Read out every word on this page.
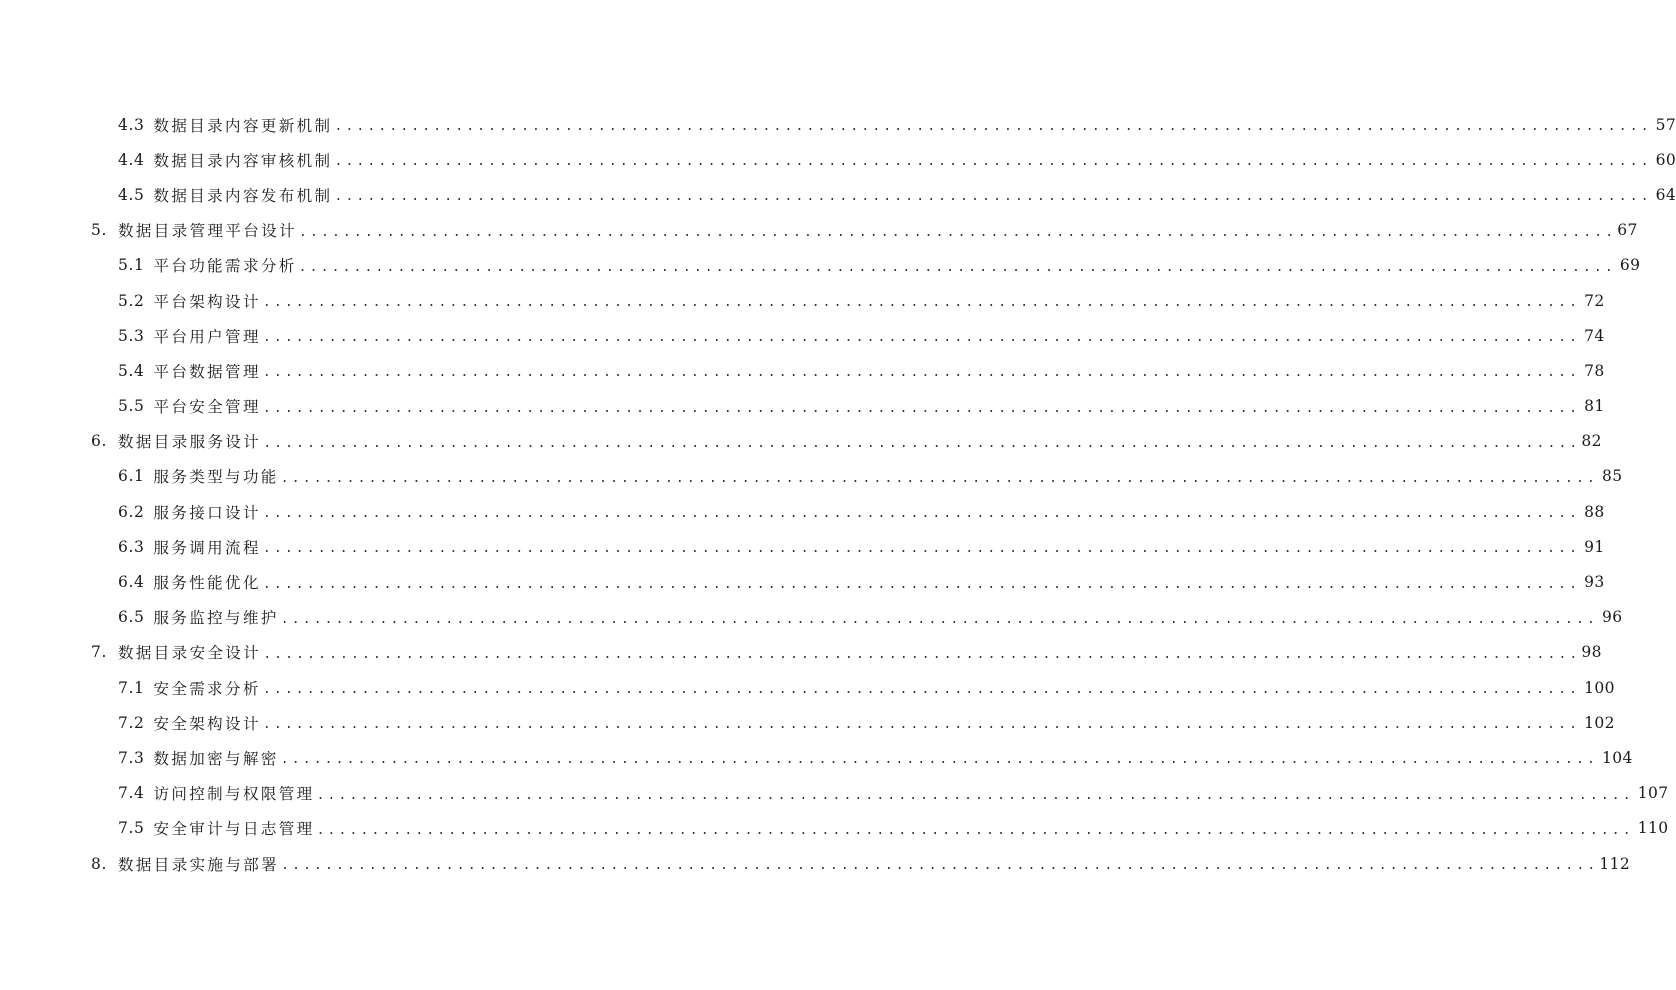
4.3 数据目录内容更新机制 ........................................................................................................................ 57
4.4 数据目录内容审核机制 ........................................................................................................................ 60
4.5 数据目录内容发布机制 ........................................................................................................................ 64
5. 数据目录管理平台设计 ........................................................................................................................ 67
5.1 平台功能需求分析 ........................................................................................................................ 69
5.2 平台架构设计 ........................................................................................................................ 72
5.3 平台用户管理 ........................................................................................................................ 74
5.4 平台数据管理 ........................................................................................................................ 78
5.5 平台安全管理 ........................................................................................................................ 81
6. 数据目录服务设计 ........................................................................................................................ 82
6.1 服务类型与功能 ........................................................................................................................ 85
6.2 服务接口设计 ........................................................................................................................ 88
6.3 服务调用流程 ........................................................................................................................ 91
6.4 服务性能优化 ........................................................................................................................ 93
6.5 服务监控与维护 ........................................................................................................................ 96
7. 数据目录安全设计 ........................................................................................................................ 98
7.1 安全需求分析 ........................................................................................................................ 100
7.2 安全架构设计 ........................................................................................................................ 102
7.3 数据加密与解密 ........................................................................................................................ 104
7.4 访问控制与权限管理 ........................................................................................................................ 107
7.5 安全审计与日志管理 ........................................................................................................................ 110
8. 数据目录实施与部署 ........................................................................................................................ 112
